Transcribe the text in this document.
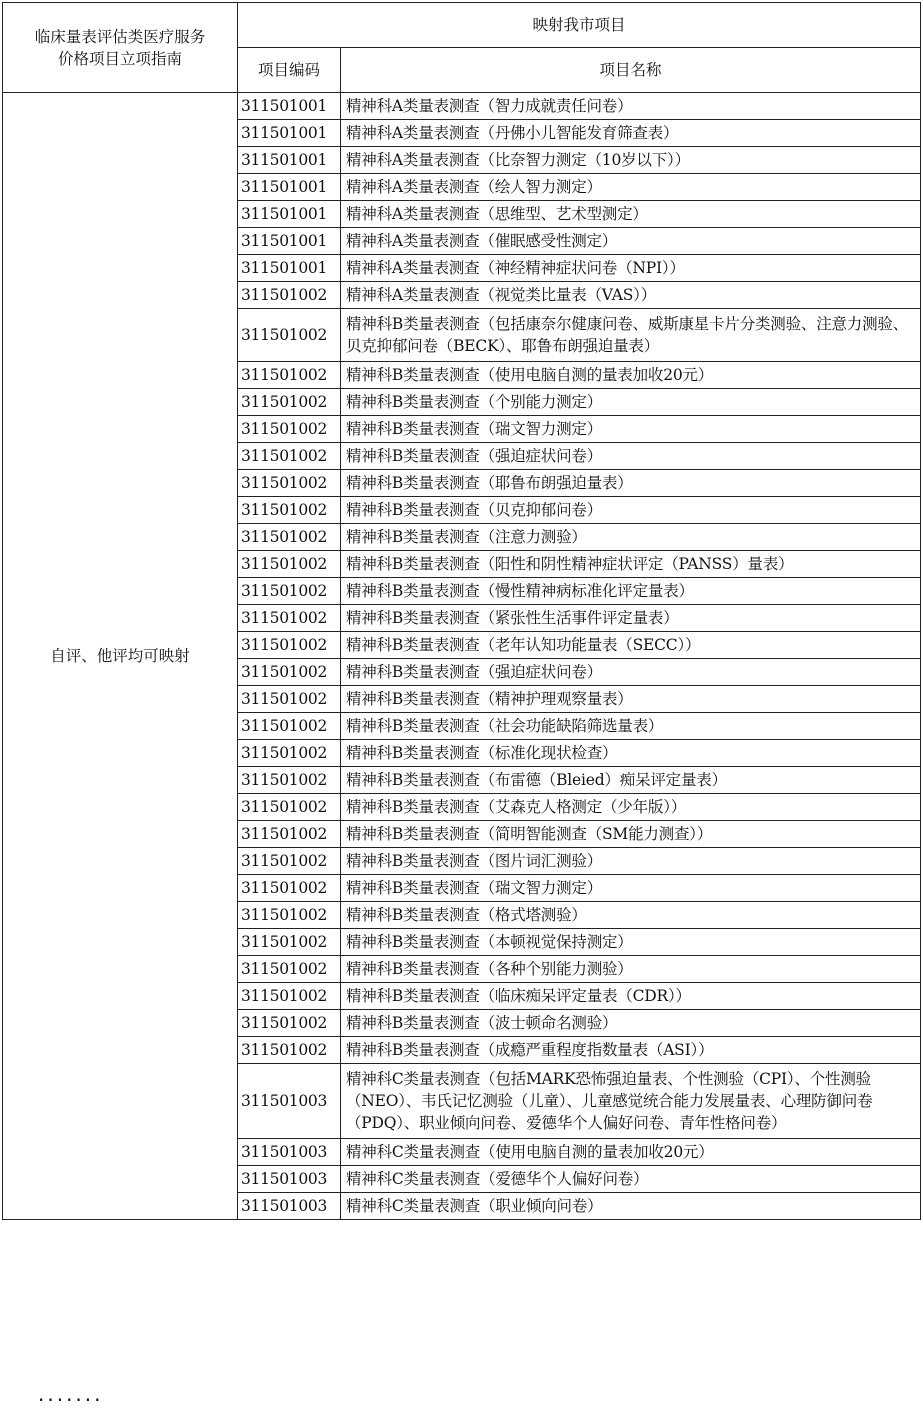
临床量表评估类医疗服务
价格项目立项指南	映射我市项目	
	项目编码	项目名称
自评、他评均可映射	311501001	精神科A类量表测查（智力成就责任问卷）
	311501001	精神科A类量表测查（丹佛小儿智能发育筛查表）
	311501001	精神科A类量表测查（比奈智力测定（10岁以下））
	311501001	精神科A类量表测查（绘人智力测定）
	311501001	精神科A类量表测查（思维型、艺术型测定）
	311501001	精神科A类量表测查（催眠感受性测定）
	311501001	精神科A类量表测查（神经精神症状问卷（NPI））
	311501002	精神科A类量表测查（视觉类比量表（VAS））
	311501002	精神科B类量表测查（包括康奈尔健康问卷、威斯康星卡片分类测验、注意力测验、贝克抑郁问卷（BECK）、耶鲁布朗强迫量表）
	311501002	精神科B类量表测查（使用电脑自测的量表加收20元）
	311501002	精神科B类量表测查（个别能力测定）
	311501002	精神科B类量表测查（瑞文智力测定）
	311501002	精神科B类量表测查（强迫症状问卷）
	311501002	精神科B类量表测查（耶鲁布朗强迫量表）
	311501002	精神科B类量表测查（贝克抑郁问卷）
	311501002	精神科B类量表测查（注意力测验）
	311501002	精神科B类量表测查（阳性和阴性精神症状评定（PANSS）量表）
	311501002	精神科B类量表测查（慢性精神病标准化评定量表）
	311501002	精神科B类量表测查（紧张性生活事件评定量表）
	311501002	精神科B类量表测查（老年认知功能量表（SECC））
	311501002	精神科B类量表测查（强迫症状问卷）
	311501002	精神科B类量表测查（精神护理观察量表）
	311501002	精神科B类量表测查（社会功能缺陷筛选量表）
	311501002	精神科B类量表测查（标准化现状检查）
	311501002	精神科B类量表测查（布雷德（Bleied）痴呆评定量表）
	311501002	精神科B类量表测查（艾森克人格测定（少年版））
	311501002	精神科B类量表测查（简明智能测查（SM能力测查））
	311501002	精神科B类量表测查（图片词汇测验）
	311501002	精神科B类量表测查（瑞文智力测定）
	311501002	精神科B类量表测查（格式塔测验）
	311501002	精神科B类量表测查（本顿视觉保持测定）
	311501002	精神科B类量表测查（各种个别能力测验）
	311501002	精神科B类量表测查（临床痴呆评定量表（CDR））
	311501002	精神科B类量表测查（波士顿命名测验）
	311501002	精神科B类量表测查（成瘾严重程度指数量表（ASI））
	311501003	精神科C类量表测查（包括MARK恐怖强迫量表、个性测验（CPI）、个性测验（NEO）、韦氏记忆测验（儿童）、儿童感觉统合能力发展量表、心理防御问卷（PDQ）、职业倾向问卷、爱德华个人偏好问卷、青年性格问卷）
	311501003	精神科C类量表测查（使用电脑自测的量表加收20元）
	311501003	精神科C类量表测查（爱德华个人偏好问卷）
	311501003	精神科C类量表测查（职业倾向问卷）
·······
